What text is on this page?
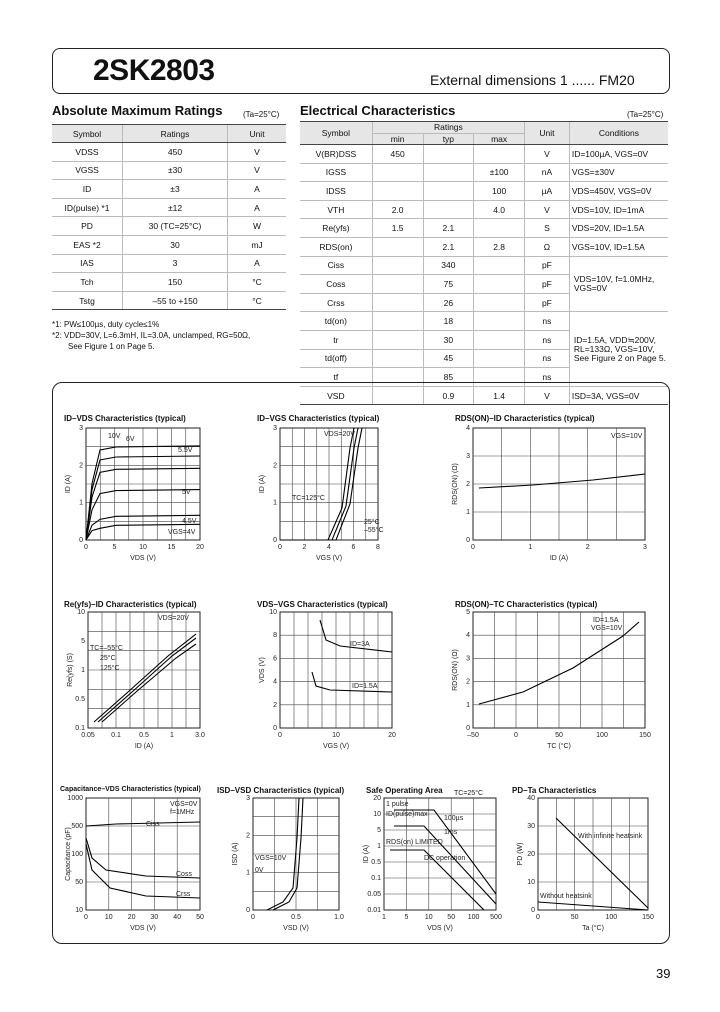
2SK2803	External dimensions 1 ...... FM20
Absolute Maximum Ratings	(Ta=25°C)
Symbol	Ratings	Unit
VDSS	450	V
VGSS	±30	V
ID	±3	A
ID(pulse) *1	±12	A
PD	30 (TC=25°C)	W
EAS *2	30	mJ
IAS	3	A
Tch	150	°C
Tstg	–55 to +150	°C
*1: PW≤100µs, duty cycle≤1%
*2: VDD=30V, L=6.3mH, IL=3.0A, unclamped, RG=50Ω,
See Figure 1 on Page 5.
Electrical Characteristics	(Ta=25°C)
Symbol	Ratings			Unit	Conditions
	min	typ	max		
V(BR)DSS	450			V	ID=100µA, VGS=0V
IGSS			±100	nA	VGS=±30V
IDSS			100	µA	VDS=450V, VGS=0V
VTH	2.0		4.0	V	VDS=10V, ID=1mA
Re(yfs)	1.5	2.1		S	VDS=20V, ID=1.5A
RDS(on)		2.1	2.8	Ω	VGS=10V, ID=1.5A
Ciss		340		pF	VDS=10V, f=1.0MHz,
VGS=0V

Coss		75		pF	
Crss		26		pF	
td(on)		18		ns	ID=1.5A, VDD≒200V,
RL=133Ω, VGS=10V,
See Figure 2 on Page 5.

tr		30		ns	
td(off)		45		ns	
tf		85		ns	
VSD		0.9	1.4	V	ISD=3A, VGS=0V
ID–VDS Characteristics (typical)	ID–VGS Characteristics (typical)	RDS(ON)–ID Characteristics (typical)
Re(yfs)–ID Characteristics (typical)	VDS–VGS Characteristics (typical)	RDS(ON)–TC Characteristics (typical)
Capacitance–VDS Characteristics (typical) ISD–VSD Characteristics (typical)	Safe Operating Area	PD–Ta Characteristics
0	5	10	15	20
0
1
2
3
VDS (V)
ID (A)
10V 6V
5.5V
5V
4.5V
VGS=4V
0	2	4	6	8
0
1
2
3
VGS (V)
ID (A)
VDS=20V
TC=125°C
25°C
–55°C
0	1	2	3
0
1
2
3
4
ID (A)
RDS(ON) (Ω)
VGS=10V
0.05 0.1	0.5	1	3.0
0.1
0.5
1
5
10
ID (A)
Re(yfs) (S)
VDS=20V
TC=–55°C
25°C
125°C
0	10	20
0
2
4
6
8
10
VGS (V)
VDS (V)
ID=3A
ID=1.5A
–50	0	50	100	150
0
1
2
3
4
5
TC (°C)
RDS(ON) (Ω)
ID=1.5A
VGS=10V
0 10 20 30 40 50
10
50
100
500
1000
VDS (V)
Capacitance (pF)
VGS=0V
f=1MHz
Ciss
Coss
Crss
0	0.5	1.0
0
1
2
3
VSD (V)
ISD (A) VGS=10V
0V
1	5 10 50 100 500
0.01
0.05
0.1
0.5
1
5
10
20
VDS (V)
ID (A)
TC=25°C
1 pulse
ID(pulse)max
100µs
1ms
DC operation
RDS(on) LIMITED
0	50	100	150
0
10
20
30
40
Ta (°C)
PD (W)
With infinite heatsink
Without heatsink
39
